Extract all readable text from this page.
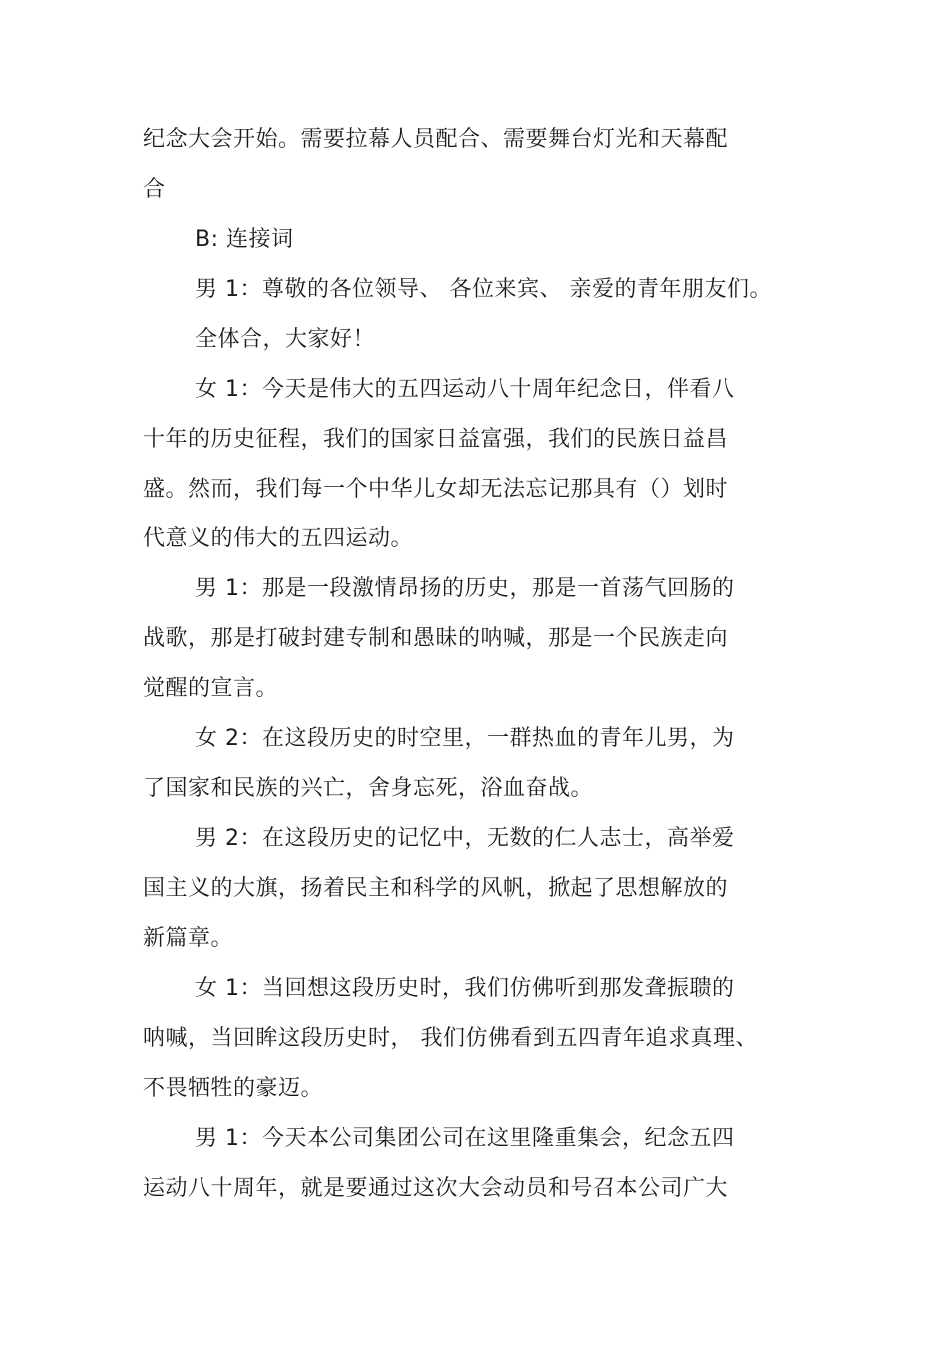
纪念大会开始。需要拉幕人员配合、需要舞台灯光和天幕配
合
B: 连接词
男 1：尊敬的各位领导、 各位来宾、 亲爱的青年朋友们。
全体合，大家好！
女 1：今天是伟大的五四运动八十周年纪念日，伴看八
十年的历史征程，我们的国家日益富强，我们的民族日益昌
盛。然而，我们每一个中华儿女却无法忘记那具有（）划时
代意义的伟大的五四运动。
男 1：那是一段激情昂扬的历史，那是一首荡气回肠的
战歌，那是打破封建专制和愚昧的呐喊，那是一个民族走向
觉醒的宣言。
女 2：在这段历史的时空里，一群热血的青年儿男，为
了国家和民族的兴亡，舍身忘死，浴血奋战。
男 2：在这段历史的记忆中，无数的仁人志士，高举爱
国主义的大旗，扬着民主和科学的风帆，掀起了思想解放的
新篇章。
女 1：当回想这段历史时，我们仿佛听到那发聋振聩的
呐喊，当回眸这段历史时， 我们仿佛看到五四青年追求真理、
不畏牺牲的豪迈。
男 1：今天本公司集团公司在这里隆重集会，纪念五四
运动八十周年，就是要通过这次大会动员和号召本公司广大
